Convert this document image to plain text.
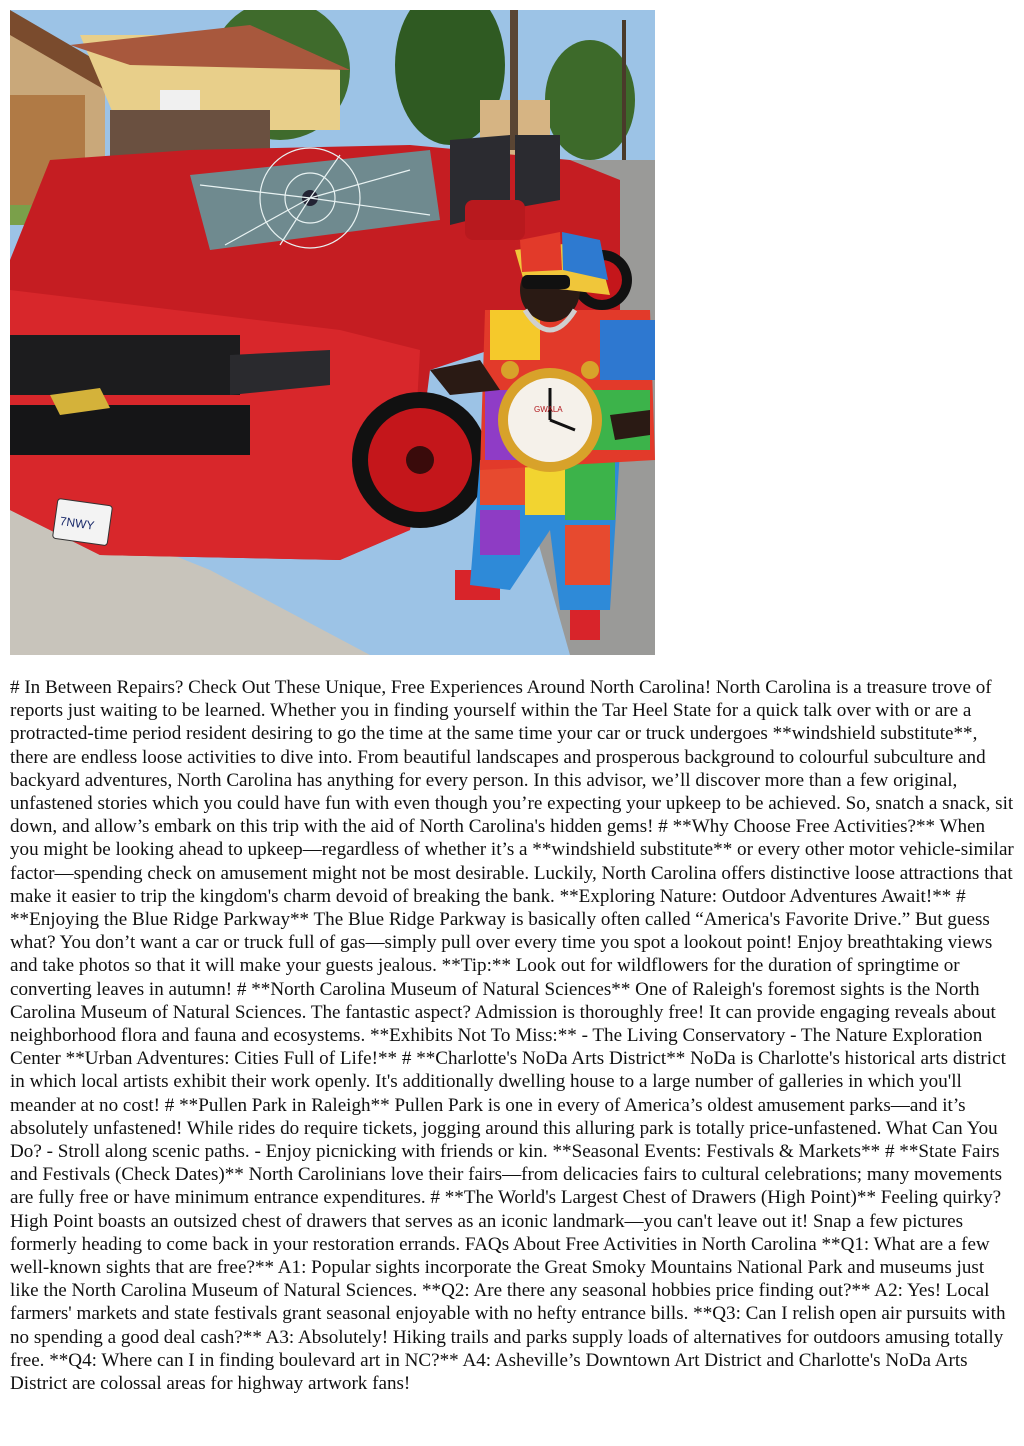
7NWY
GWALA

# In Between Repairs? Check Out These Unique, Free Experiences Around North Carolina! North Carolina is a treasure trove of reports just waiting to be learned. Whether you in finding yourself within the Tar Heel State for a quick talk over with or are a protracted-time period resident desiring to go the time at the same time your car or truck undergoes **windshield substitute**, there are endless loose activities to dive into. From beautiful landscapes and prosperous background to colourful subculture and backyard adventures, North Carolina has anything for every person. In this advisor, we’ll discover more than a few original, unfastened stories which you could have fun with even though you’re expecting your upkeep to be achieved. So, snatch a snack, sit down, and allow’s embark on this trip with the aid of North Carolina's hidden gems! # **Why Choose Free Activities?** When you might be looking ahead to upkeep—regardless of whether it’s a **windshield substitute** or every other motor vehicle-similar factor—spending check on amusement might not be most desirable. Luckily, North Carolina offers distinctive loose attractions that make it easier to trip the kingdom's charm devoid of breaking the bank. **Exploring Nature: Outdoor Adventures Await!** # **Enjoying the Blue Ridge Parkway** The Blue Ridge Parkway is basically often called “America's Favorite Drive.” But guess what? You don’t want a car or truck full of gas—simply pull over every time you spot a lookout point! Enjoy breathtaking views and take photos so that it will make your guests jealous. **Tip:** Look out for wildflowers for the duration of springtime or converting leaves in autumn! # **North Carolina Museum of Natural Sciences** One of Raleigh's foremost sights is the North Carolina Museum of Natural Sciences. The fantastic aspect? Admission is thoroughly free! It can provide engaging reveals about neighborhood flora and fauna and ecosystems. **Exhibits Not To Miss:** - The Living Conservatory - The Nature Exploration Center **Urban Adventures: Cities Full of Life!** # **Charlotte's NoDa Arts District** NoDa is Charlotte's historical arts district in which local artists exhibit their work openly. It's additionally dwelling house to a large number of galleries in which you'll meander at no cost! # **Pullen Park in Raleigh** Pullen Park is one in every of America’s oldest amusement parks—and it’s absolutely unfastened! While rides do require tickets, jogging around this alluring park is totally price-unfastened. What Can You Do? - Stroll along scenic paths. - Enjoy picnicking with friends or kin. **Seasonal Events: Festivals & Markets** # **State Fairs and Festivals (Check Dates)** North Carolinians love their fairs—from delicacies fairs to cultural celebrations; many movements are fully free or have minimum entrance expenditures. # **The World's Largest Chest of Drawers (High Point)** Feeling quirky? High Point boasts an outsized chest of drawers that serves as an iconic landmark—you can't leave out it! Snap a few pictures formerly heading to come back in your restoration errands. FAQs About Free Activities in North Carolina **Q1: What are a few well-known sights that are free?** A1: Popular sights incorporate the Great Smoky Mountains National Park and museums just like the North Carolina Museum of Natural Sciences. **Q2: Are there any seasonal hobbies price finding out?** A2: Yes! Local farmers' markets and state festivals grant seasonal enjoyable with no hefty entrance bills. **Q3: Can I relish open air pursuits with no spending a good deal cash?** A3: Absolutely! Hiking trails and parks supply loads of alternatives for outdoors amusing totally free. **Q4: Where can I in finding boulevard art in NC?** A4: Asheville’s Downtown Art District and Charlotte's NoDa Arts District are colossal areas for highway artwork fans!
